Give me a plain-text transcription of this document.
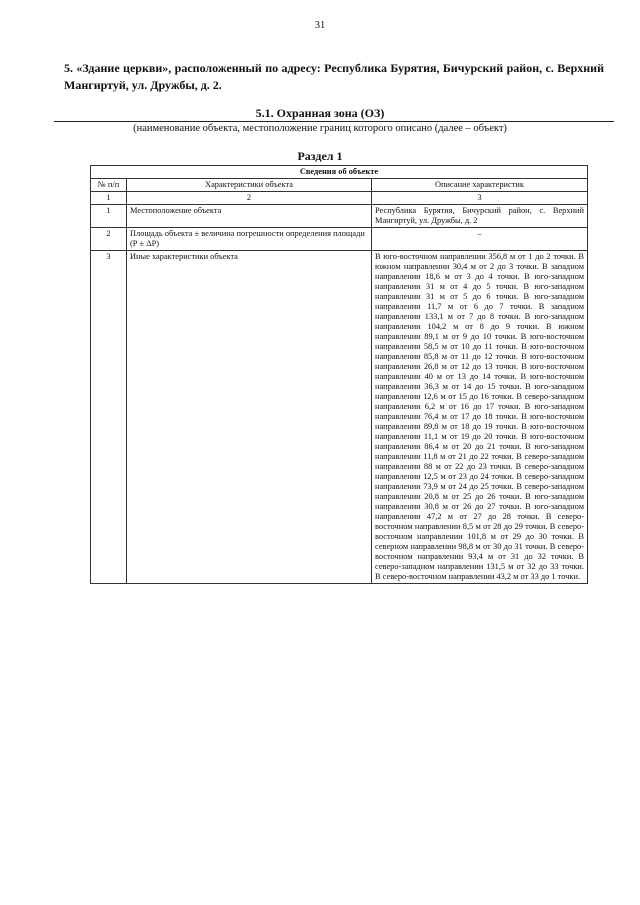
31
5. «Здание церкви», расположенный по адресу: Республика Бурятия, Бичурский район, с. Верхний Мангиртуй, ул. Дружбы, д. 2.
5.1. Охранная зона (ОЗ)
(наименование объекта, местоположение границ которого описано (далее – объект)
Раздел 1
Сведения об объекте		
№ п/п	Характеристики объекта	Описание характеристик
1	2	3
1	Местоположение объекта	Республика Бурятия, Бичурский район, с. Верхний Мангиртуй, ул. Дружбы, д. 2
2	Площадь объекта ± величина погрешности определения площади (Р ± ΔР)	–
3	Иные характеристики объекта	В юго-восточном направлении 356,8 м от 1 до 2 точки. В южном направлении 30,4 м от 2 до 3 точки. В западном направлении 18,6 м от 3 до 4 точки. В юго-западном направлении 31 м от 4 до 5 точки. В юго-западном направлении 31 м от 5 до 6 точки. В юго-западном направлении 11,7 м от 6 до 7 точки. В западном направлении 133,1 м от 7 до 8 точки. В юго-западном направлении 104,2 м от 8 до 9 точки. В южном направлении 89,1 м от 9 до 10 точки. В юго-восточном направлении 58,5 м от 10 до 11 точки. В юго-восточном направлении 85,8 м от 11 до 12 точки. В юго-восточном направлении 26,8 м от 12 до 13 точки. В юго-восточном направлении 40 м от 13 до 14 точки. В юго-восточном направлении 36,3 м от 14 до 15 точки. В юго-западном направлении 12,6 м от 15 до 16 точки. В северо-западном направлении 6,2 м от 16 до 17 точки. В юго-западном направлении 76,4 м от 17 до 18 точки. В юго-восточном направлении 89,8 м от 18 до 19 точки. В юго-восточном направлении 11,1 м от 19 до 20 точки. В юго-восточном направлении 86,4 м от 20 до 21 точки. В юго-западном направлении 11,8 м от 21 до 22 точки. В северо-западном направлении 88 м от 22 до 23 точки. В северо-западном направлении 12,5 м от 23 до 24 точки. В северо-западном направлении 73,9 м от 24 до 25 точки. В северо-западном направлении 20,8 м от 25 до 26 точки. В юго-западном направлении 30,8 м от 26 до 27 точки. В юго-западном направлении 47,2 м от 27 до 28 точки. В северо-восточном направлении 8,5 м от 28 до 29 точки. В северо-восточном направлении 101,8 м от 29 до 30 точки. В северном направлении 98,8 м от 30 до 31 точки. В северо-восточном направлении 93,4 м от 31 до 32 точки. В северо-западном направлении 131,5 м от 32 до 33 точки. В северо-восточном направлении 43,2 м от 33 до 1 точки.
